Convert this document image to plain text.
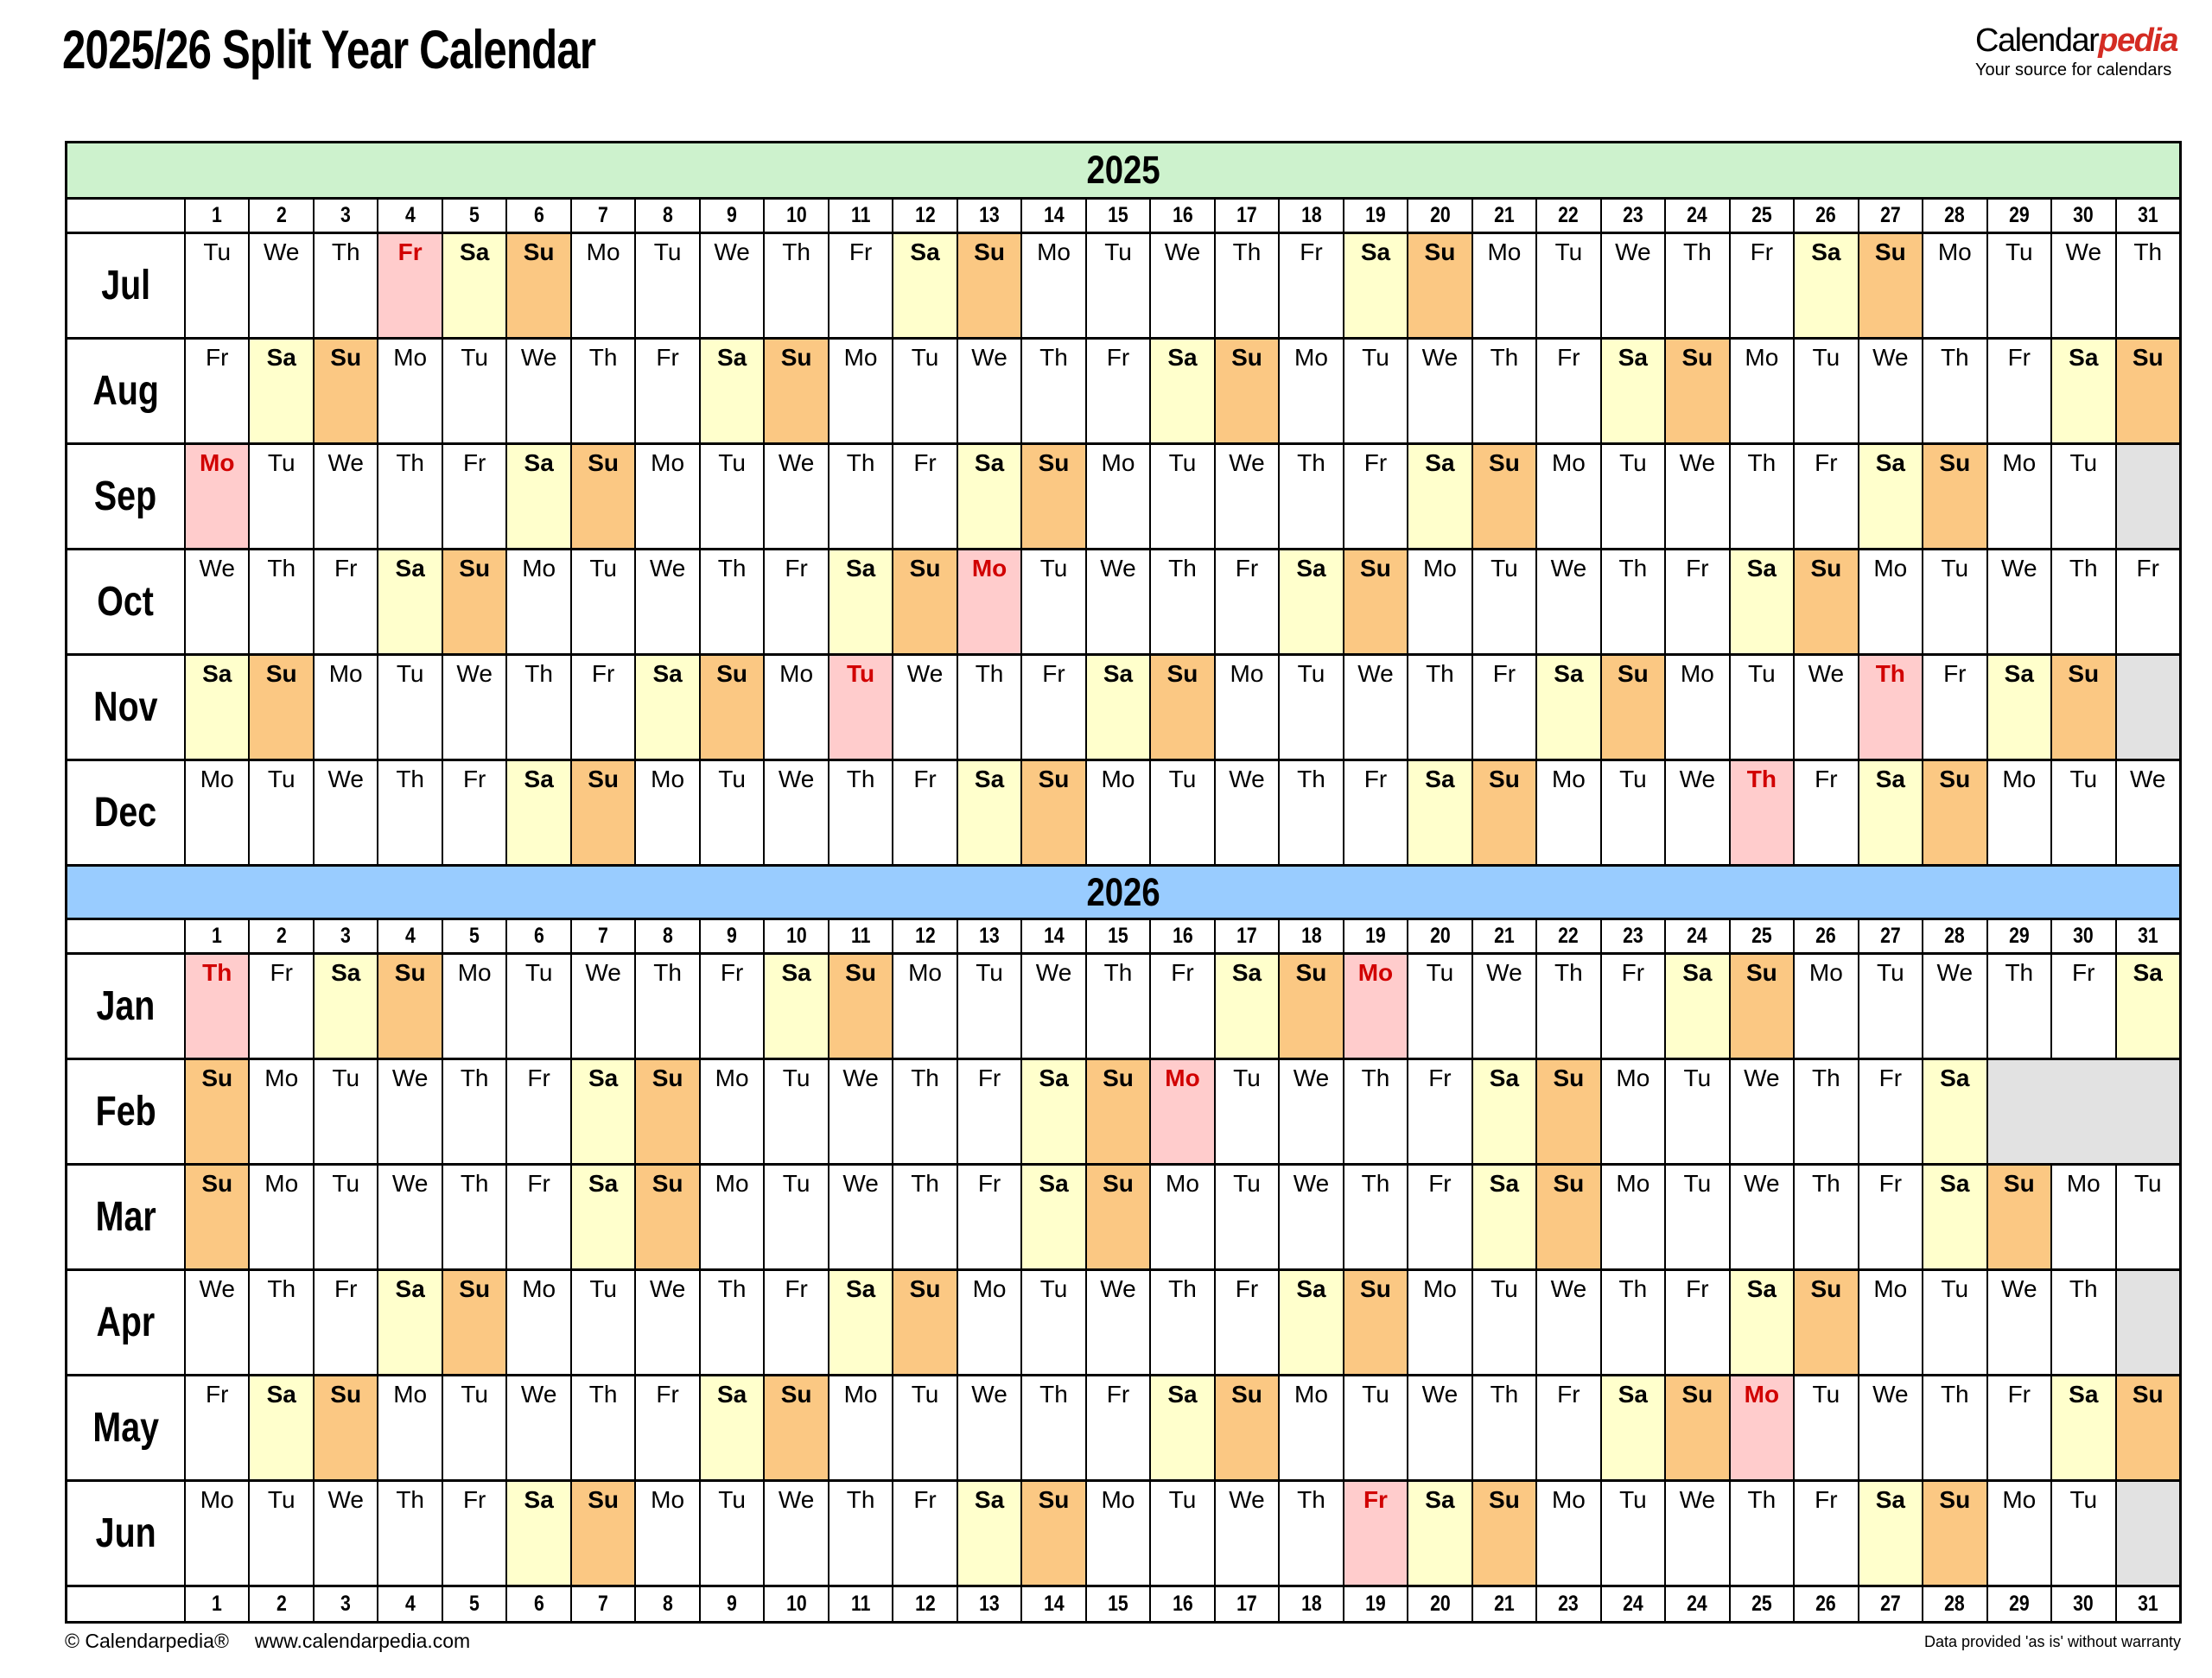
2025/26 Split Year Calendar	Calendarpedia
Your source for calendars
2025
1	2	3	4	5	6	7	8	9 10 11 12 13 14 15 16 17 18 19 20 21 22 23 24 25 26 27 28 29 30 31
Jul
Tu We Th Fr Sa Su Mo Tu We Th Fr Sa Su Mo Tu We Th Fr Sa Su Mo Tu We Th Fr Sa Su Mo Tu We Th
Aug
Fr Sa Su Mo Tu We Th Fr Sa Su Mo Tu We Th Fr Sa Su Mo Tu We Th Fr Sa Su Mo Tu We Th Fr Sa Su
Sep
Mo Tu We Th Fr Sa Su Mo Tu We Th Fr Sa Su Mo Tu We Th Fr Sa Su Mo Tu We Th Fr Sa Su Mo Tu
Oct
We Th Fr Sa Su Mo Tu We Th Fr Sa Su Mo Tu We Th Fr Sa Su Mo Tu We Th Fr Sa Su Mo Tu We Th Fr
Nov
Sa Su Mo Tu We Th Fr Sa Su Mo Tu We Th Fr Sa Su Mo Tu We Th Fr Sa Su Mo Tu We Th Fr Sa Su
Dec
Mo Tu We Th Fr Sa Su Mo Tu We Th Fr Sa Su Mo Tu We Th Fr Sa Su Mo Tu We Th Fr Sa Su Mo Tu We
2026
1	2	3	4	5	6	7	8	9 10 11 12 13 14 15 16 17 18 19 20 21 22 23 24 25 26 27 28 29 30 31
Jan
Th Fr Sa Su Mo Tu We Th Fr Sa Su Mo Tu We Th Fr Sa Su Mo Tu We Th Fr Sa Su Mo Tu We Th Fr Sa
Feb
Su Mo Tu We Th Fr Sa Su Mo Tu We Th Fr Sa Su Mo Tu We Th Fr Sa Su Mo Tu We Th Fr Sa
Mar
Su Mo Tu We Th Fr Sa Su Mo Tu We Th Fr Sa Su Mo Tu We Th Fr Sa Su Mo Tu We Th Fr Sa Su Mo Tu
Apr
We Th Fr Sa Su Mo Tu We Th Fr Sa Su Mo Tu We Th Fr Sa Su Mo Tu We Th Fr Sa Su Mo Tu We Th
May
Fr Sa Su Mo Tu We Th Fr Sa Su Mo Tu We Th Fr Sa Su Mo Tu We Th Fr Sa Su Mo Tu We Th Fr Sa Su
Jun
Mo Tu We Th Fr Sa Su Mo Tu We Th Fr Sa Su Mo Tu We Th Fr Sa Su Mo Tu We Th Fr Sa Su Mo Tu
1	2	3	4	5	6	7	8	9 10 11 12 13 14 15 16 17 18 19 20 21 23 24 24 25 26 27 28 29 30 31
© Calendarpedia® www.calendarpedia.com	Data provided 'as is' without warranty
